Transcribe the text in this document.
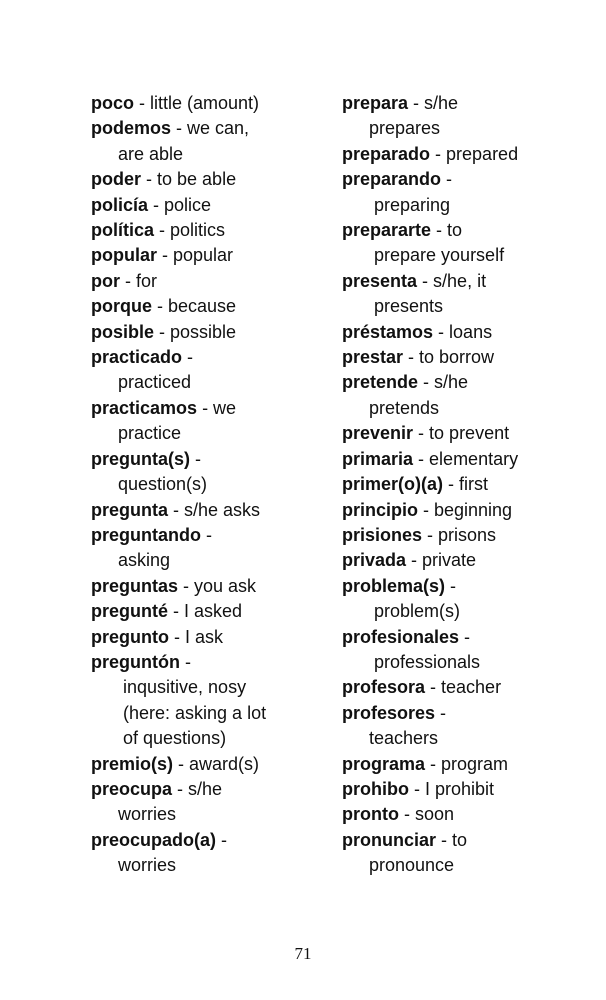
poco - little (amount)
podemos - we can,
are able
poder - to be able
policía - police
política - politics
popular - popular
por - for
porque - because
posible - possible
practicado -
practiced
practicamos - we
practice
pregunta(s) -
question(s)
pregunta - s/he asks
preguntando -
asking
preguntas - you ask
pregunté - I asked
pregunto - I ask
preguntón -
inqusitive, nosy
(here: asking a lot
of questions)
premio(s) - award(s)
preocupa - s/he
worries
preocupado(a) -
worries
prepara - s/he
prepares
preparado - prepared
preparando -
preparing
prepararte - to
prepare yourself
presenta - s/he, it
presents
préstamos - loans
prestar - to borrow
pretende - s/he
pretends
prevenir - to prevent
primaria - elementary
primer(o)(a) - first
principio - beginning
prisiones - prisons
privada - private
problema(s) -
problem(s)
profesionales -
professionals
profesora - teacher
profesores -
teachers
programa - program
prohibo - I prohibit
pronto - soon
pronunciar - to
pronounce
71
